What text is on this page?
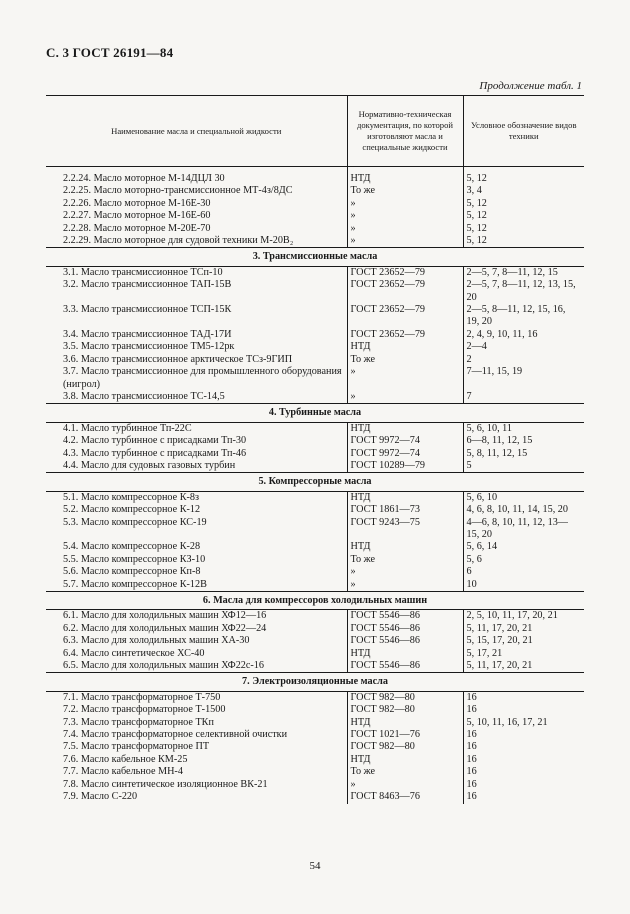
С. 3 ГОСТ 26191—84
Продолжение табл. 1
Наименование масла и специальной жидкости	Нормативно-техническая документация, по которой изготовляют масла и специальные жидкости	Условное обозначение видов техники
2.2.24. Масло моторное М-14ДЦЛ 30	НТД	5, 12
2.2.25. Масло моторно-трансмиссионное МТ-4з/8ДС	То же	3, 4
2.2.26. Масло моторное М-16Е-30	»	5, 12
2.2.27. Масло моторное М-16Е-60	»	5, 12
2.2.28. Масло моторное М-20Е-70	»	5, 12
2.2.29. Масло моторное для судовой техники М-20В₂	»	5, 12
3. Трансмиссионные масла		
3.1. Масло трансмиссионное ТСп-10	ГОСТ 23652—79	2—5, 7, 8—11, 12, 15
3.2. Масло трансмиссионное ТАП-15В	ГОСТ 23652—79	2—5, 7, 8—11, 12, 13, 15, 20
3.3. Масло трансмиссионное ТСП-15К	ГОСТ 23652—79	2—5, 8—11, 12, 15, 16, 19, 20
3.4. Масло трансмиссионное ТАД-17И	ГОСТ 23652—79	2, 4, 9, 10, 11, 16
3.5. Масло трансмиссионное ТМ5-12рк	НТД	2—4
3.6. Масло трансмиссионное арктическое ТСз-9ГИП	То же	2
3.7. Масло трансмиссионное для промышленного оборудования (нигрол)	»	7—11, 15, 19
3.8. Масло трансмиссионное ТС-14,5	»	7
4. Турбинные масла		
4.1. Масло турбинное Тп-22С	НТД	5, 6, 10, 11
4.2. Масло турбинное с присадками Тп-30	ГОСТ 9972—74	6—8, 11, 12, 15
4.3. Масло турбинное с присадками Тп-46	ГОСТ 9972—74	5, 8, 11, 12, 15
4.4. Масло для судовых газовых турбин	ГОСТ 10289—79	5
5. Компрессорные масла		
5.1. Масло компрессорное К-8з	НТД	5, 6, 10
5.2. Масло компрессорное К-12	ГОСТ 1861—73	4, 6, 8, 10, 11, 14, 15, 20
5.3. Масло компрессорное КС-19	ГОСТ 9243—75	4—6, 8, 10, 11, 12, 13—15, 20
5.4. Масло компрессорное К-28	НТД	5, 6, 14
5.5. Масло компрессорное КЗ-10	То же	5, 6
5.6. Масло компрессорное Кп-8	»	6
5.7. Масло компрессорное К-12В	»	10
6. Масла для компрессоров холодильных машин		
6.1. Масло для холодильных машин ХФ12—16	ГОСТ 5546—86	2, 5, 10, 11, 17, 20, 21
6.2. Масло для холодильных машин ХФ22—24	ГОСТ 5546—86	5, 11, 17, 20, 21
6.3. Масло для холодильных машин ХА-30	ГОСТ 5546—86	5, 15, 17, 20, 21
6.4. Масло синтетическое ХС-40	НТД	5, 17, 21
6.5. Масло для холодильных машин ХФ22с-16	ГОСТ 5546—86	5, 11, 17, 20, 21
7. Электроизоляционные масла		
7.1. Масло трансформаторное Т-750	ГОСТ 982—80	16
7.2. Масло трансформаторное Т-1500	ГОСТ 982—80	16
7.3. Масло трансформаторное ТКп	НТД	5, 10, 11, 16, 17, 21
7.4. Масло трансформаторное селективной очистки	ГОСТ 1021—76	16
7.5. Масло трансформаторное ПТ	ГОСТ 982—80	16
7.6. Масло кабельное КМ-25	НТД	16
7.7. Масло кабельное МН-4	То же	16
7.8. Масло синтетическое изоляционное ВК-21	»	16
7.9. Масло С-220	ГОСТ 8463—76	16
54
